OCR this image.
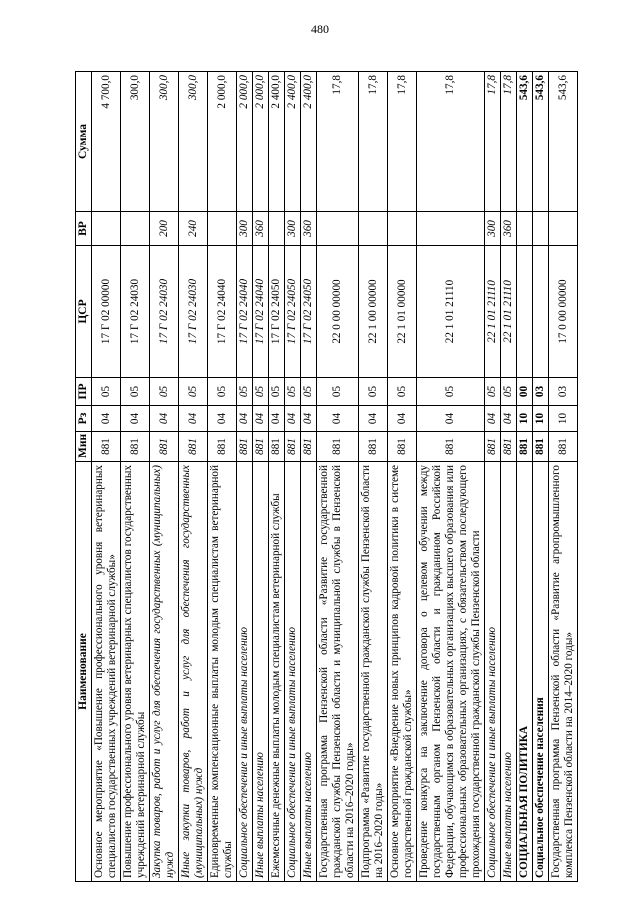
480
Наименование	Мин	Рз	ПР	ЦСР	ВР	Сумма
Основное мероприятие «Повышение профессионального уровня ветеринарных специалистов государственных учреждений ветеринарной службы»	881	04	05	17 Г 02 00000		4 700,0
Повышение профессионального уровня ветеринарных специалистов государственных учреждений ветеринарной службы	881	04	05	17 Г 02 24030		300,0
Закупка товаров, работ и услуг для обеспечения государственных (муниципальных) нужд	881	04	05	17 Г 02 24030	200	300,0
Иные закупки товаров, работ и услуг для обеспечения государственных (муниципальных) нужд	881	04	05	17 Г 02 24030	240	300,0
Единовременные компенсационные выплаты молодым специалистам ветеринарной службы	881	04	05	17 Г 02 24040		2 000,0
Социальное обеспечение и иные выплаты населению	881	04	05	17 Г 02 24040	300	2 000,0
Иные выплаты населению	881	04	05	17 Г 02 24040	360	2 000,0
Ежемесячные денежные выплаты молодым специалистам ветеринарной службы	881	04	05	17 Г 02 24050		2 400,0
Социальное обеспечение и иные выплаты населению	881	04	05	17 Г 02 24050	300	2 400,0
Иные выплаты населению	881	04	05	17 Г 02 24050	360	2 400,0
Государственная программа Пензенской области «Развитие государственной гражданской службы Пензенской области и муниципальной службы в Пензенской области на 2016–2020 годы»	881	04	05	22 0 00 00000		17,8
Подпрограмма «Развитие государственной гражданской службы Пензенской области на 2016–2020 годы»	881	04	05	22 1 00 00000		17,8
Основное мероприятие «Внедрение новых принципов кадровой политики в системе государственной гражданской службы»	881	04	05	22 1 01 00000		17,8
Проведение конкурса на заключение договора о целевом обучении между государственным органом Пензенской области и гражданином Российской Федерации, обучающимся в образовательных организациях высшего образования или профессиональных образовательных организациях, с обязательством последующего прохождения государственной гражданской службы Пензенской области	881	04	05	22 1 01 21110		17,8
Социальное обеспечение и иные выплаты населению	881	04	05	22 1 01 21110	300	17,8
Иные выплаты населению	881	04	05	22 1 01 21110	360	17,8
СОЦИАЛЬНАЯ ПОЛИТИКА	881	10	00			543,6
Социальное обеспечение населения	881	10	03			543,6
Государственная программа Пензенской области «Развитие агропромышленного комплекса Пензенской области на 2014–2020 годы»	881	10	03	17 0 00 00000		543,6
